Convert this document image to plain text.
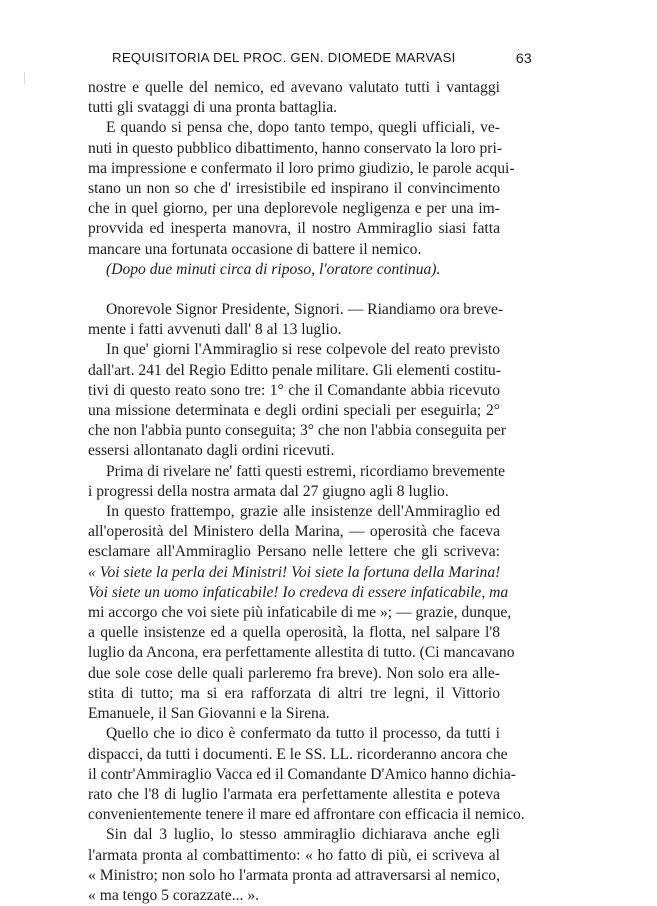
REQUISITORIA DEL PROC. GEN. DIOMEDE MARVASI	63

nostre e quelle del nemico, ed avevano valutato tutti i vantaggi
tutti gli svataggi di una pronta battaglia.

E quando si pensa che, dopo tanto tempo, quegli ufficiali, ve-
nuti in questo pubblico dibattimento, hanno conservato la loro pri-
ma impressione e confermato il loro primo giudizio, le parole acqui-
stano un non so che d' irresistibile ed inspirano il convincimento
che in quel giorno, per una deplorevole negligenza e per una im-
provvida ed inesperta manovra, il nostro Ammiraglio siasi fatta
mancare una fortunata occasione di battere il nemico.

(Dopo due minuti circa di riposo, l'oratore continua).

Onorevole Signor Presidente, Signori. — Riandiamo ora breve-
mente i fatti avvenuti dall' 8 al 13 luglio.

In que' giorni l'Ammiraglio si rese colpevole del reato previsto
dall'art. 241 del Regio Editto penale militare. Gli elementi costitu-
tivi di questo reato sono tre: 1° che il Comandante abbia ricevuto
una missione determinata e degli ordini speciali per eseguirla; 2°
che non l'abbia punto conseguita; 3° che non l'abbia conseguita per
essersi allontanato dagli ordini ricevuti.

Prima di rivelare ne' fatti questi estremi, ricordiamo brevemente
i progressi della nostra armata dal 27 giugno agli 8 luglio.

In questo frattempo, grazie alle insistenze dell'Ammiraglio ed
all'operosità del Ministero della Marina, — operosità che faceva
esclamare all'Ammiraglio Persano nelle lettere che gli scriveva:
« Voi siete la perla dei Ministri! Voi siete la fortuna della Marina!
Voi siete un uomo infaticabile! Io credeva di essere infaticabile, ma
mi accorgo che voi siete più infaticabile di me »; — grazie, dunque,
a quelle insistenze ed a quella operosità, la flotta, nel salpare l'8
luglio da Ancona, era perfettamente allestita di tutto. (Ci mancavano
due sole cose delle quali parleremo fra breve). Non solo era alle-
stita di tutto; ma si era rafforzata di altri tre legni, il Vittorio
Emanuele, il San Giovanni e la Sirena.

Quello che io dico è confermato da tutto il processo, da tutti i
dispacci, da tutti i documenti. E le SS. LL. ricorderanno ancora che
il contr'Ammiraglio Vacca ed il Comandante D'Amico hanno dichia-
rato che l'8 di luglio l'armata era perfettamente allestita e poteva
convenientemente tenere il mare ed affrontare con efficacia il nemico.

Sin dal 3 luglio, lo stesso ammiraglio dichiarava anche egli
l'armata pronta al combattimento: « ho fatto di più, ei scriveva al
« Ministro; non solo ho l'armata pronta ad attraversarsi al nemico,
« ma tengo 5 corazzate... ».
